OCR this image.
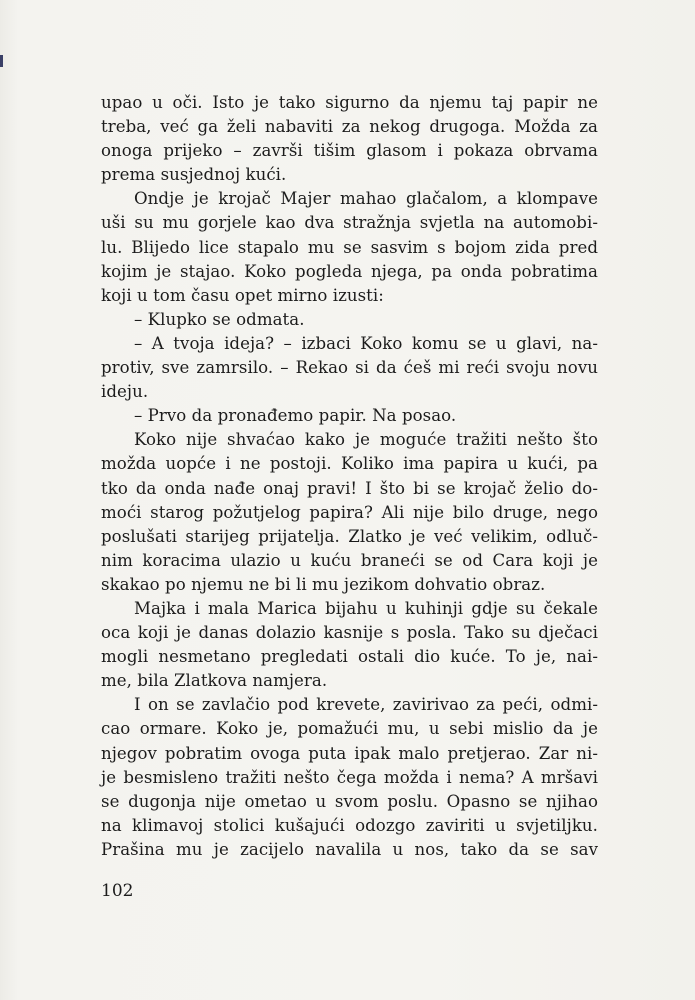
upao u oči. Isto je tako sigurno da njemu taj papir ne
treba, već ga želi nabaviti za nekog drugoga. Možda za
onoga prijeko – završi tišim glasom i pokaza obrvama
prema susjednoj kući.
Ondje je krojač Majer mahao glačalom, a klompave
uši su mu gorjele kao dva stražnja svjetla na automobi-
lu. Blijedo lice stapalo mu se sasvim s bojom zida pred
kojim je stajao. Koko pogleda njega, pa onda pobratima
koji u tom času opet mirno izusti:
– Klupko se odmata.
– A tvoja ideja? – izbaci Koko komu se u glavi, na-
protiv, sve zamrsilo. – Rekao si da ćeš mi reći svoju novu
ideju.
– Prvo da pronađemo papir. Na posao.
Koko nije shvaćao kako je moguće tražiti nešto što
možda uopće i ne postoji. Koliko ima papira u kući, pa
tko da onda nađe onaj pravi! I što bi se krojač želio do-
moći starog požutjelog papira? Ali nije bilo druge, nego
poslušati starijeg prijatelja. Zlatko je već velikim, odluč-
nim koracima ulazio u kuću braneći se od Cara koji je
skakao po njemu ne bi li mu jezikom dohvatio obraz.
Majka i mala Marica bijahu u kuhinji gdje su čekale
oca koji je danas dolazio kasnije s posla. Tako su dječaci
mogli nesmetano pregledati ostali dio kuće. To je, nai-
me, bila Zlatkova namjera.
I on se zavlačio pod krevete, zavirivao za peći, odmi-
cao ormare. Koko je, pomažući mu, u sebi mislio da je
njegov pobratim ovoga puta ipak malo pretjerao. Zar ni-
je besmisleno tražiti nešto čega možda i nema? A mršavi
se dugonja nije ometao u svom poslu. Opasno se njihao
na klimavoj stolici kušajući odozgo zaviriti u svjetiljku.
Prašina mu je zacijelo navalila u nos, tako da se sav
102
